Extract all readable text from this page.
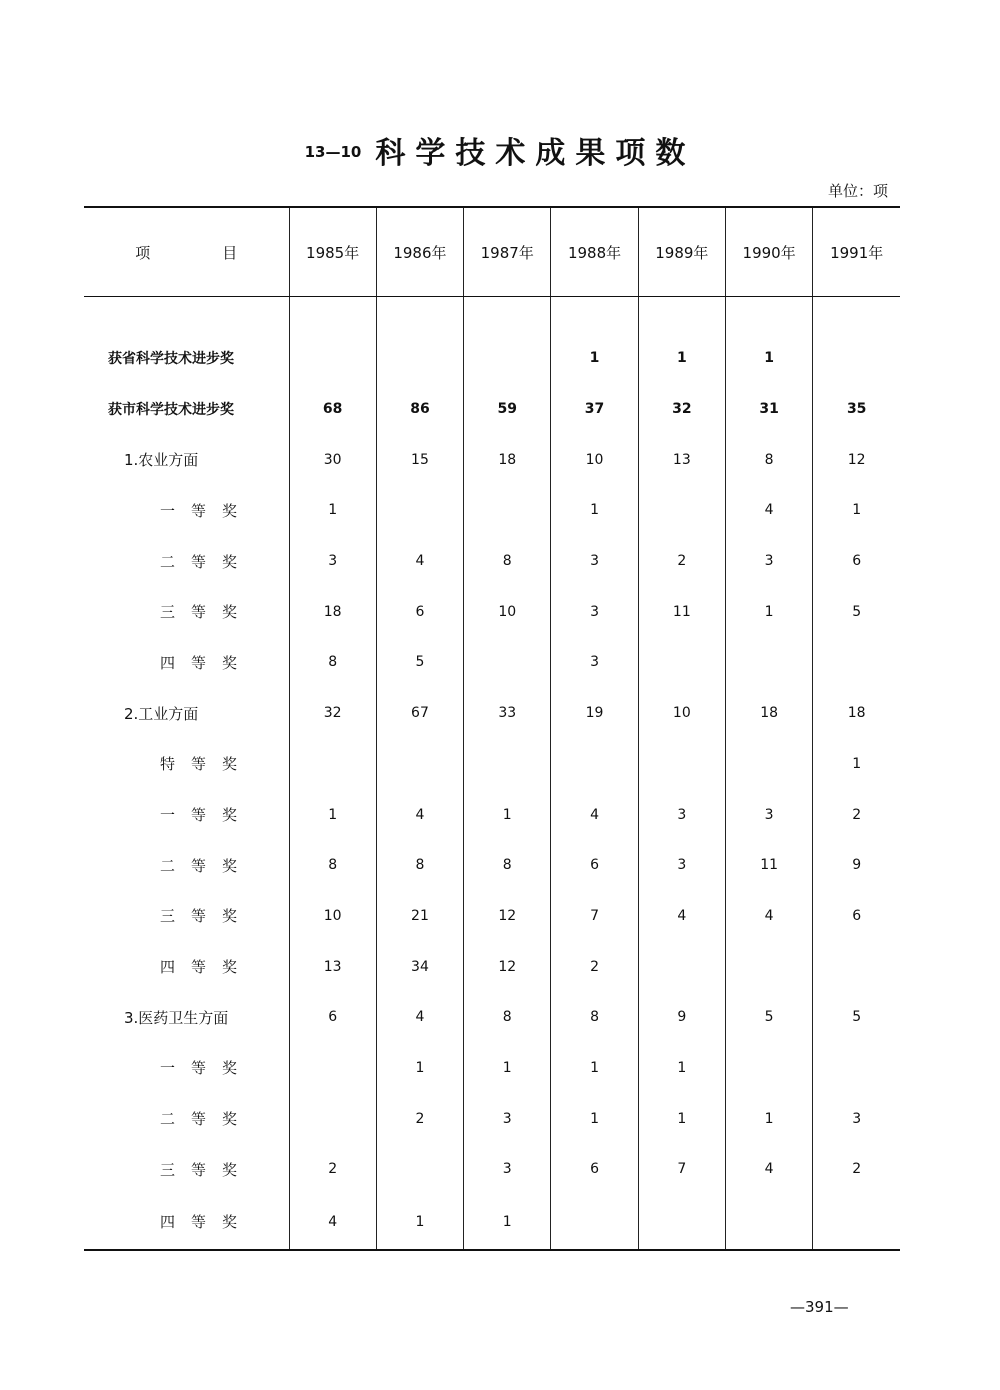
13—10 科学技术成果项数
单位：项
项 目	1985年	1986年	1987年	1988年	1989年	1990年	1991年

获省科学技术进步奖				1	1	1	
获市科学技术进步奖	68	86	59	37	32	31	35
1.农业方面	30	15	18	10	13	8	12
一等奖	1			1		4	1
二等奖	3	4	8	3	2	3	6
三等奖	18	6	10	3	11	1	5
四等奖	8	5		3			
2.工业方面	32	67	33	19	10	18	18
特等奖							1
一等奖	1	4	1	4	3	3	2
二等奖	8	8	8	6	3	11	9
三等奖	10	21	12	7	4	4	6
四等奖	13	34	12	2			
3.医药卫生方面	6	4	8	8	9	5	5
一等奖		1	1	1	1		
二等奖		2	3	1	1	1	3
三等奖	2		3	6	7	4	2
四等奖	4	1	1				
—391—
